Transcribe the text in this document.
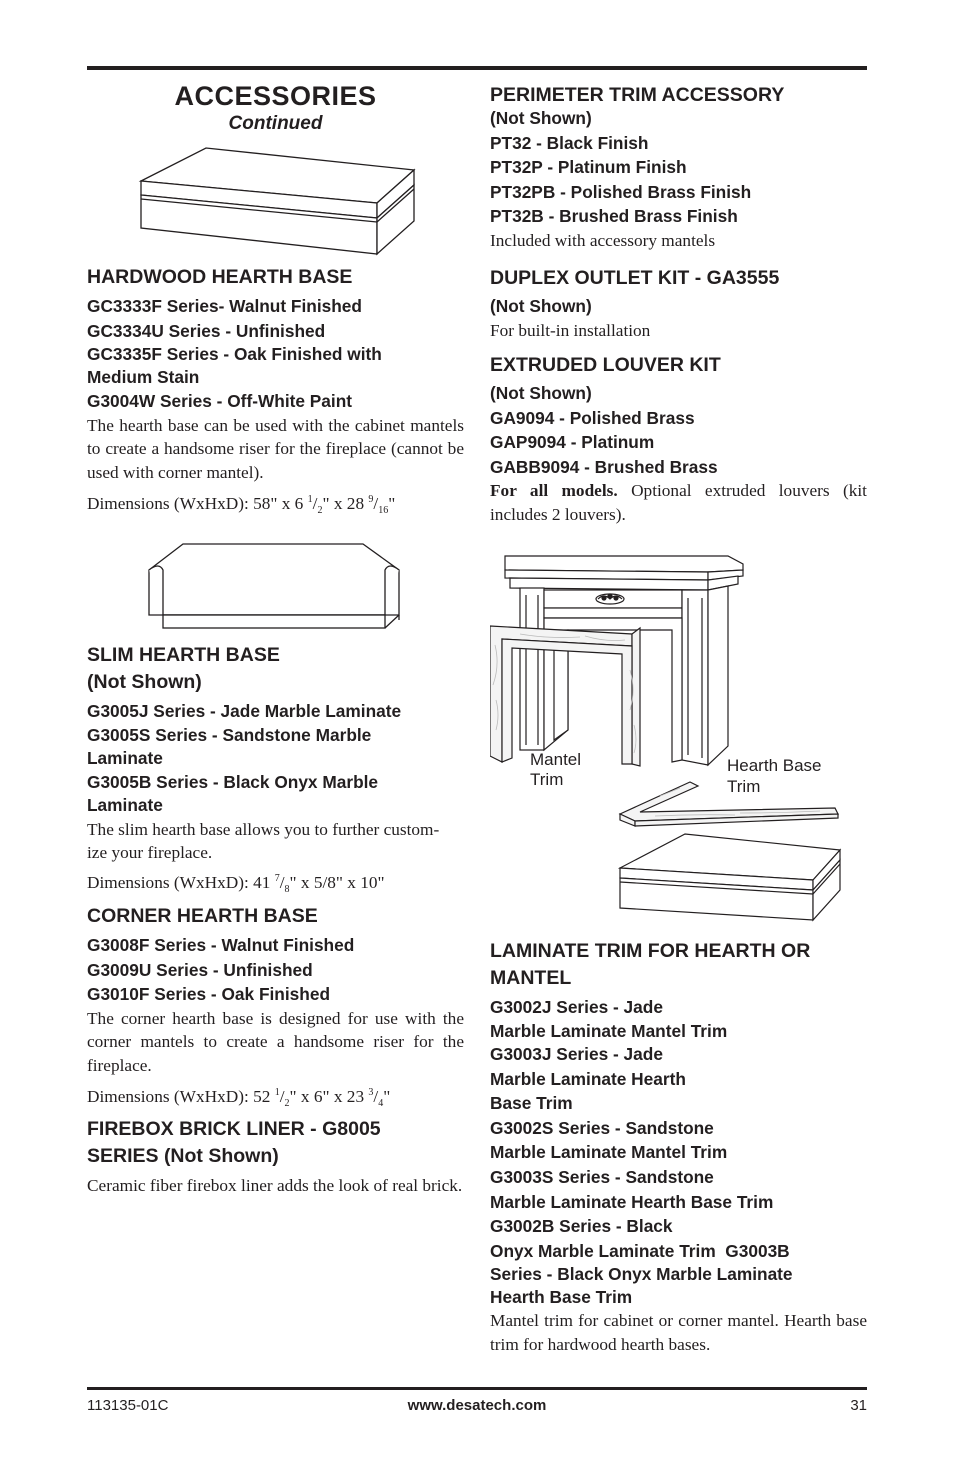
ACCESSORIES
Continued

HARDWOOD HEARTH BASE

GC3333F Series- Walnut Finished

GC3334U Series - Unfinished

GC3335F Series - Oak Finished with

Medium Stain

G3004W Series - Off-White Paint

The hearth base can be used with the cabinet mantels to create a handsome riser for the fireplace (cannot be used with corner mantel).

Dimensions (WxHxD): 58" x 6 $^1/_2$" x 28 $^9/_{16}$"

SLIM HEARTH BASE

(Not Shown)

G3005J Series - Jade Marble Laminate

G3005S Series - Sandstone Marble

Laminate

G3005B Series - Black Onyx Marble

Laminate

The slim hearth base allows you to further custom-

ize your fireplace.

Dimensions (WxHxD): 41 $^7/_8$" x 5/8" x 10"

CORNER HEARTH BASE

G3008F Series - Walnut Finished

G3009U Series - Unfinished

G3010F Series - Oak Finished

The corner hearth base is designed for use with the corner mantels to create a handsome riser for the fireplace.

Dimensions (WxHxD): 52 $^1/_2$" x 6" x 23 $^3/_4$"

FIREBOX BRICK LINER - G8005

SERIES (Not Shown)

Ceramic fiber firebox liner adds the look of real brick.

PERIMETER TRIM ACCESSORY

(Not Shown)

PT32 - Black Finish

PT32P - Platinum Finish

PT32PB - Polished Brass Finish

PT32B - Brushed Brass Finish

Included with accessory mantels

DUPLEX OUTLET KIT - GA3555

(Not Shown)

For built-in installation

EXTRUDED LOUVER KIT

(Not Shown)

GA9094 - Polished Brass

GAP9094 - Platinum

GABB9094 - Brushed Brass

For all models. Optional extruded louvers (kit includes 2 louvers).

Mantel
Trim
Hearth Base
Trim

LAMINATE TRIM FOR HEARTH OR

MANTEL

G3002J Series - Jade

Marble Laminate Mantel Trim

G3003J Series - Jade

Marble Laminate Hearth

Base Trim

G3002S Series - Sandstone

Marble Laminate Mantel Trim

G3003S Series - Sandstone

Marble Laminate Hearth Base Trim

G3002B Series - Black

Onyx Marble Laminate Trim  G3003B

Series - Black Onyx Marble Laminate

Hearth Base Trim

Mantel trim for cabinet or corner mantel. Hearth base trim for hardwood hearth bases.

113135-01C	www.desatech.com	31
